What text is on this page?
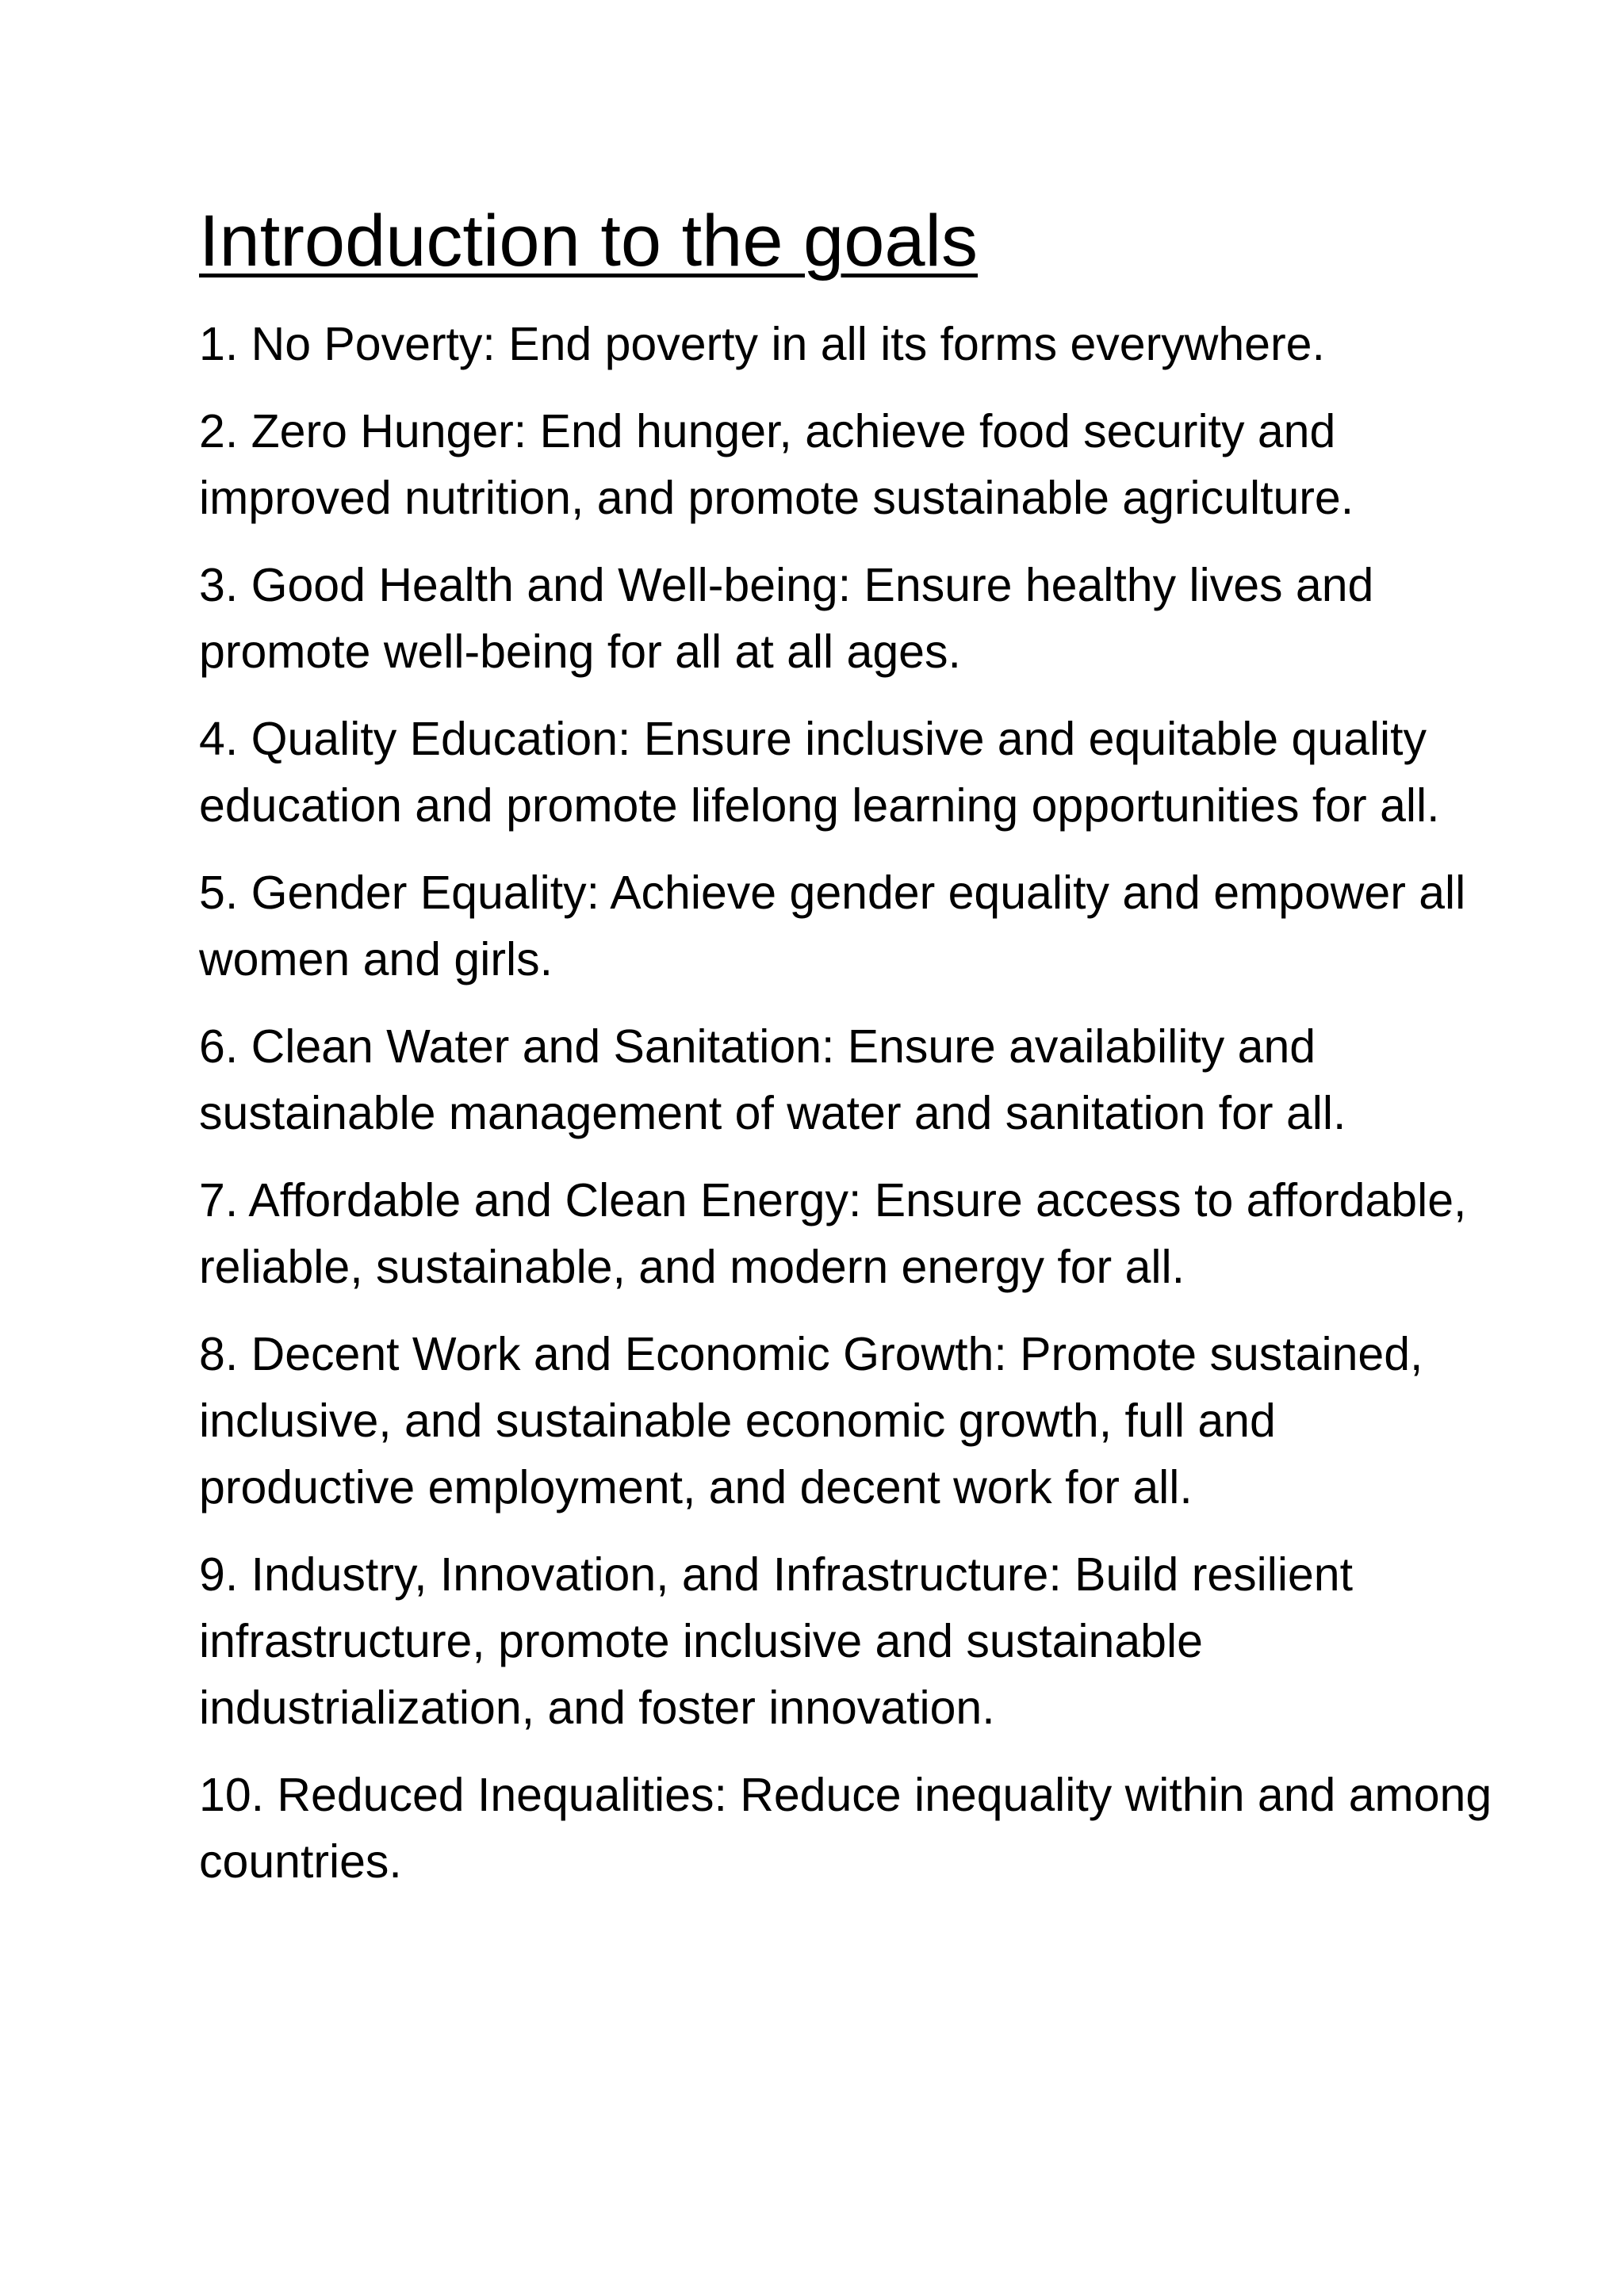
Introduction to the goals
1. No Poverty: End poverty in all its forms everywhere.
2. Zero Hunger: End hunger, achieve food security and improved nutrition, and promote sustainable agriculture.
3. Good Health and Well-being: Ensure healthy lives and promote well-being for all at all ages.
4. Quality Education: Ensure inclusive and equitable quality education and promote lifelong learning opportunities for all.
5. Gender Equality: Achieve gender equality and empower all women and girls.
6. Clean Water and Sanitation: Ensure availability and sustainable management of water and sanitation for all.
7. Affordable and Clean Energy: Ensure access to affordable, reliable, sustainable, and modern energy for all.
8. Decent Work and Economic Growth: Promote sustained, inclusive, and sustainable economic growth, full and productive employment, and decent work for all.
9. Industry, Innovation, and Infrastructure: Build resilient infrastructure, promote inclusive and sustainable industrialization, and foster innovation.
10. Reduced Inequalities: Reduce inequality within and among countries.
